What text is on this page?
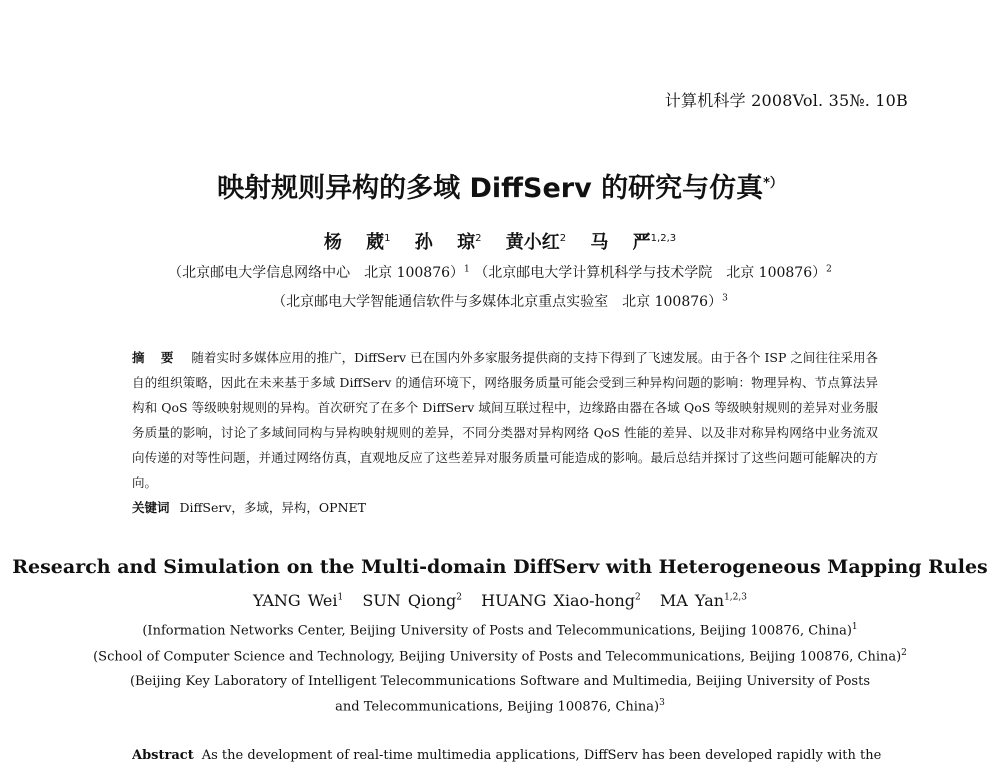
计算机科学 2008Vol. 35№. 10B
映射规则异构的多域 DiffServ 的研究与仿真*）
杨 葳$^1$ 孙 琼$^2$ 黄小红$^2$ 马 严$^{1,2,3}$
（北京邮电大学信息网络中心　北京 100876）$^1$ （北京邮电大学计算机科学与技术学院　北京 100876）$^2$
（北京邮电大学智能通信软件与多媒体北京重点实验室　北京 100876）$^3$
摘 要 随着实时多媒体应用的推广，DiffServ 已在国内外多家服务提供商的支持下得到了飞速发展。由于各个 ISP 之间往往采用各自的组织策略，因此在未来基于多域 DiffServ 的通信环境下，网络服务质量可能会受到三种异构问题的影响：物理异构、节点算法异构和 QoS 等级映射规则的异构。首次研究了在多个 DiffServ 域间互联过程中，边缘路由器在各域 QoS 等级映射规则的差异对业务服务质量的影响，讨论了多域间同构与异构映射规则的差异，不同分类器对异构网络 QoS 性能的差异、以及非对称异构网络中业务流双向传递的对等性问题，并通过网络仿真，直观地反应了这些差异对服务质量可能造成的影响。最后总结并探讨了这些问题可能解决的方向。
关键词 DiffServ，多域，异构，OPNET
Research and Simulation on the Multi-domain DiffServ with Heterogeneous Mapping Rules
YANG Wei$^1$ SUN Qiong$^2$ HUANG Xiao-hong$^2$ MA Yan$^{1,2,3}$
(Information Networks Center, Beijing University of Posts and Telecommunications, Beijing 100876, China)$^1$
(School of Computer Science and Technology, Beijing University of Posts and Telecommunications, Beijing 100876, China)$^2$
(Beijing Key Laboratory of Intelligent Telecommunications Software and Multimedia, Beijing University of Posts
and Telecommunications, Beijing 100876, China)$^3$
Abstract As the development of real-time multimedia applications, DiffServ has been developed rapidly with the
